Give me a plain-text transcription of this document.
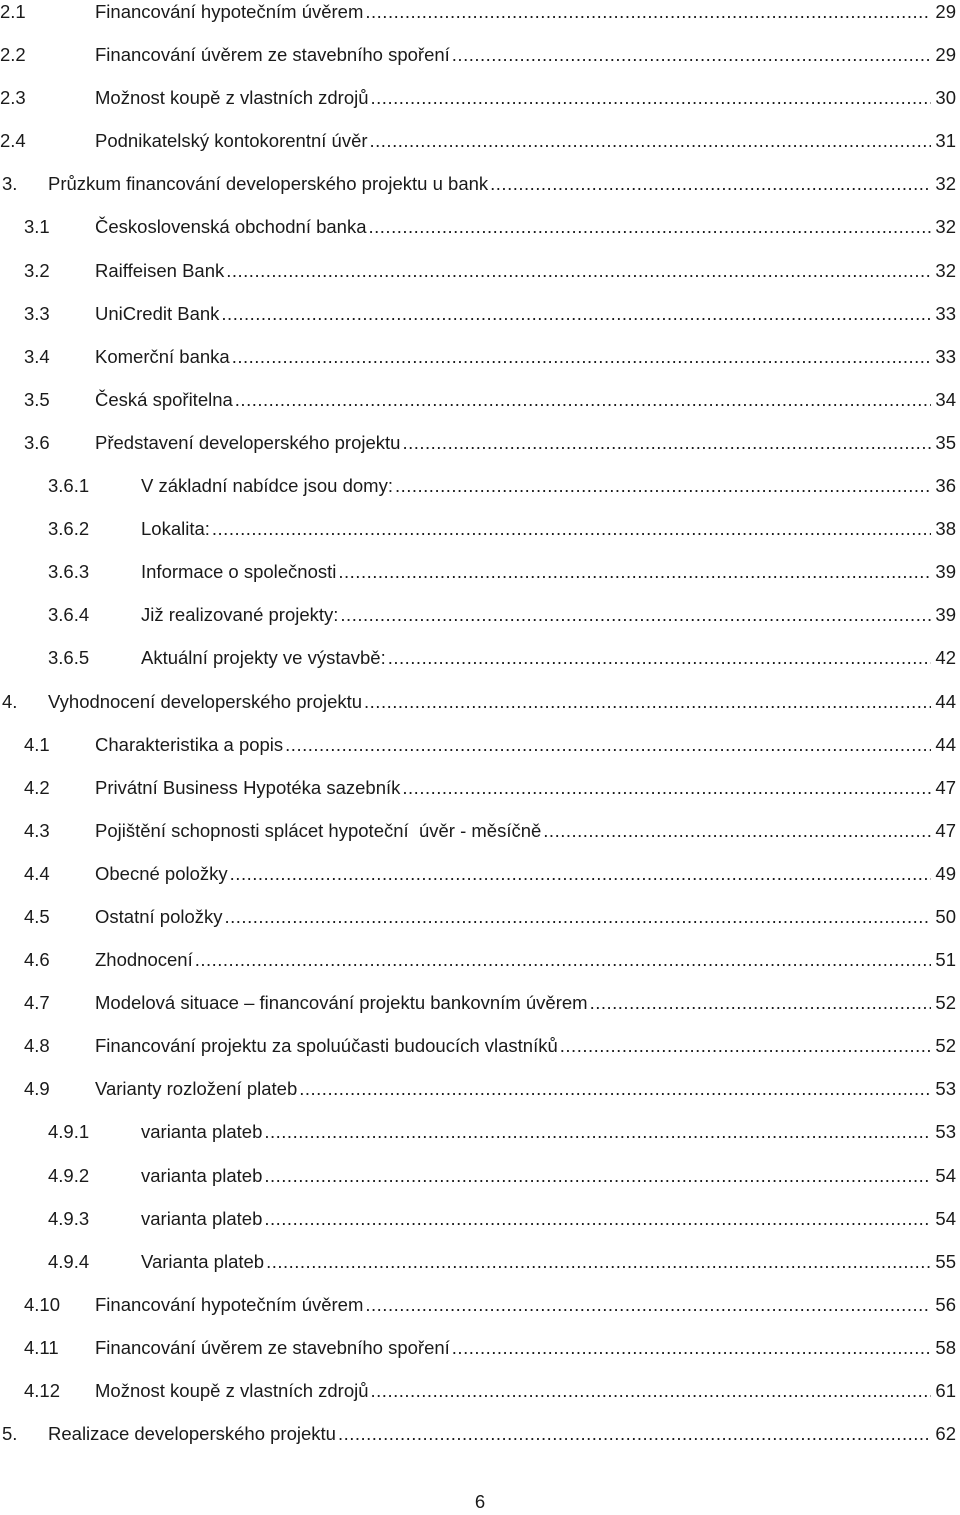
2.1	Financování hypotečním úvěrem .....	29
2.2	Financování úvěrem ze stavebního spoření .....	29
2.3	Možnost koupě z vlastních zdrojů .....	30
2.4	Podnikatelský kontokorentní úvěr .....	31
3. Průzkum financování developerského projektu u bank .....	32
3.1 Československá obchodní banka .....	32
3.2 Raiffeisen Bank .....	32
3.3 UniCredit Bank .....	33
3.4 Komerční banka .....	33
3.5 Česká spořitelna .....	34
3.6 Představení developerského projektu .....	35
3.6.1	V základní nabídce jsou domy: .....	36
3.6.2	Lokalita: .....	38
3.6.3	Informace o společnosti .....	39
3.6.4	Již realizované projekty: .....	39
3.6.5	Aktuální projekty ve výstavbě: .....	42
4. Vyhodnocení developerského projektu .....	44
4.1 Charakteristika a popis .....	44
4.2 Privátní Business Hypotéka sazebník .....	47
4.3 Pojištění schopnosti splácet hypoteční  úvěr - měsíčně .....	47
4.4 Obecné položky .....	49
4.5 Ostatní položky .....	50
4.6 Zhodnocení .....	51
4.7 Modelová situace – financování projektu bankovním úvěrem .....	52
4.8 Financování projektu za spoluúčasti budoucích vlastníků .....	52
4.9 Varianty rozložení plateb .....	53
4.9.1	varianta plateb .....	53
4.9.2	varianta plateb .....	54
4.9.3	varianta plateb .....	54
4.9.4	Varianta plateb .....	55
4.10 Financování hypotečním úvěrem .....	56
4.11 Financování úvěrem ze stavebního spoření .....	58
4.12 Možnost koupě z vlastních zdrojů .....	61
5. Realizace developerského projektu .....	62
6
